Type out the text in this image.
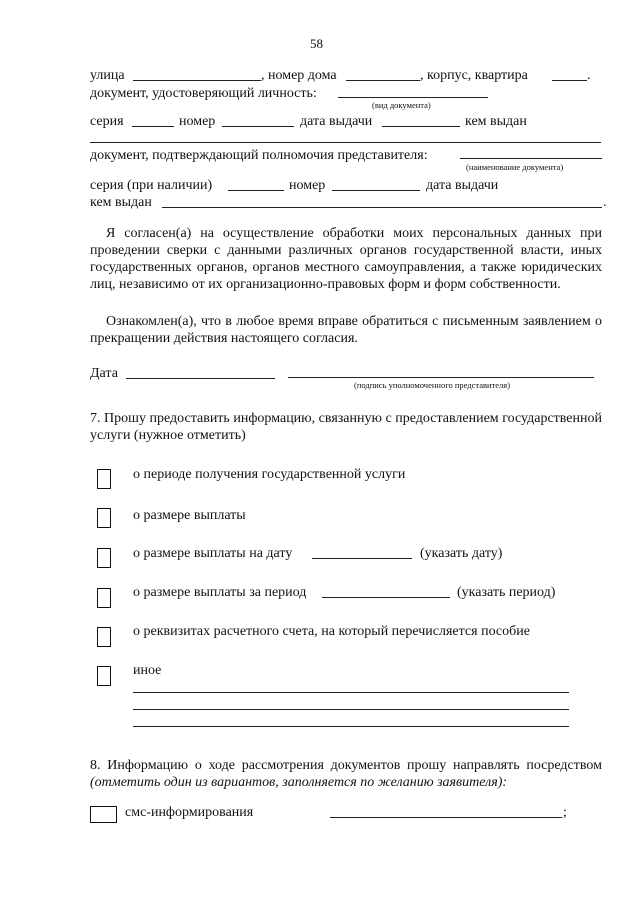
58
улица	, номер дома	, корпус, квартира	.
документ, удостоверяющий личность:
(вид документа)
серия	номер	дата выдачи	кем выдан
документ, подтверждающий полномочия представителя:
(наименование документа)
серия (при наличии)	номер	дата выдачи
кем выдан	.
Я согласен(а) на осуществление обработки моих персональных данных при проведении сверки с данными различных органов государственной власти, иных государственных органов, органов местного самоуправления, а также юридических лиц, независимо от их организационно-правовых форм и форм собственности.
Ознакомлен(а), что в любое время вправе обратиться с письменным заявлением о прекращении действия настоящего согласия.
Дата
(подпись уполномоченного представителя)
7. Прошу предоставить информацию, связанную с предоставлением государственной услуги (нужное отметить)
о периоде получения государственной услуги
о размере выплаты
о размере выплаты на дату	(указать дату)
о размере выплаты за период	(указать период)
о реквизитах расчетного счета, на который перечисляется пособие
иное
8. Информацию о ходе рассмотрения документов прошу направлять посредством (отметить один из вариантов, заполняется по желанию заявителя):
смс-информирования	;
